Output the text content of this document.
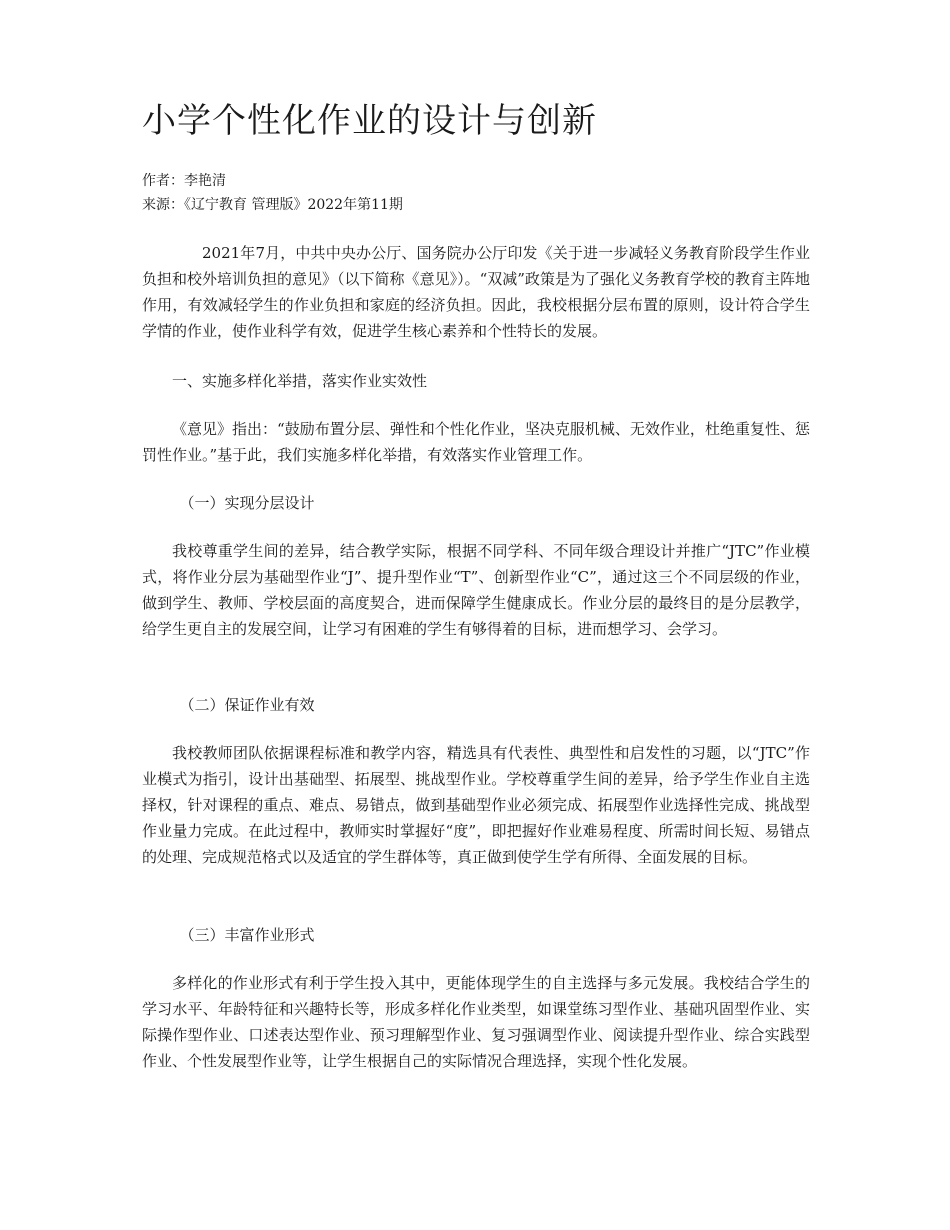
小学个性化作业的设计与创新
作者：李艳清
来源：《辽宁教育 管理版》2022年第11期

2021年7月，中共中央办公厅、国务院办公厅印发《关于进一步减轻义务教育阶段学生作业负担和校外培训负担的意见》（以下简称《意见》）。“双减”政策是为了强化义务教育学校的教育主阵地作用，有效减轻学生的作业负担和家庭的经济负担。因此，我校根据分层布置的原则，设计符合学生学情的作业，使作业科学有效，促进学生核心素养和个性特长的发展。

一、实施多样化举措，落实作业实效性

《意见》指出：“鼓励布置分层、弹性和个性化作业，坚决克服机械、无效作业，杜绝重复性、惩罚性作业。”基于此，我们实施多样化举措，有效落实作业管理工作。

（一）实现分层设计

我校尊重学生间的差异，结合教学实际，根据不同学科、不同年级合理设计并推广“JTC”作业模式，将作业分层为基础型作业“J”、提升型作业“T”、创新型作业“C”，通过这三个不同层级的作业，做到学生、教师、学校层面的高度契合，进而保障学生健康成长。作业分层的最终目的是分层教学，给学生更自主的发展空间，让学习有困难的学生有够得着的目标，进而想学习、会学习。

（二）保证作业有效

我校教师团队依据课程标准和教学内容，精选具有代表性、典型性和启发性的习题，以“JTC”作业模式为指引，设计出基础型、拓展型、挑战型作业。学校尊重学生间的差异，给予学生作业自主选择权，针对课程的重点、难点、易错点，做到基础型作业必须完成、拓展型作业选择性完成、挑战型作业量力完成。在此过程中，教师实时掌握好“度”，即把握好作业难易程度、所需时间长短、易错点的处理、完成规范格式以及适宜的学生群体等，真正做到使学生学有所得、全面发展的目标。

（三）丰富作业形式

多样化的作业形式有利于学生投入其中，更能体现学生的自主选择与多元发展。我校结合学生的学习水平、年龄特征和兴趣特长等，形成多样化作业类型，如课堂练习型作业、基础巩固型作业、实际操作型作业、口述表达型作业、预习理解型作业、复习强调型作业、阅读提升型作业、综合实践型作业、个性发展型作业等，让学生根据自己的实际情况合理选择，实现个性化发展。
